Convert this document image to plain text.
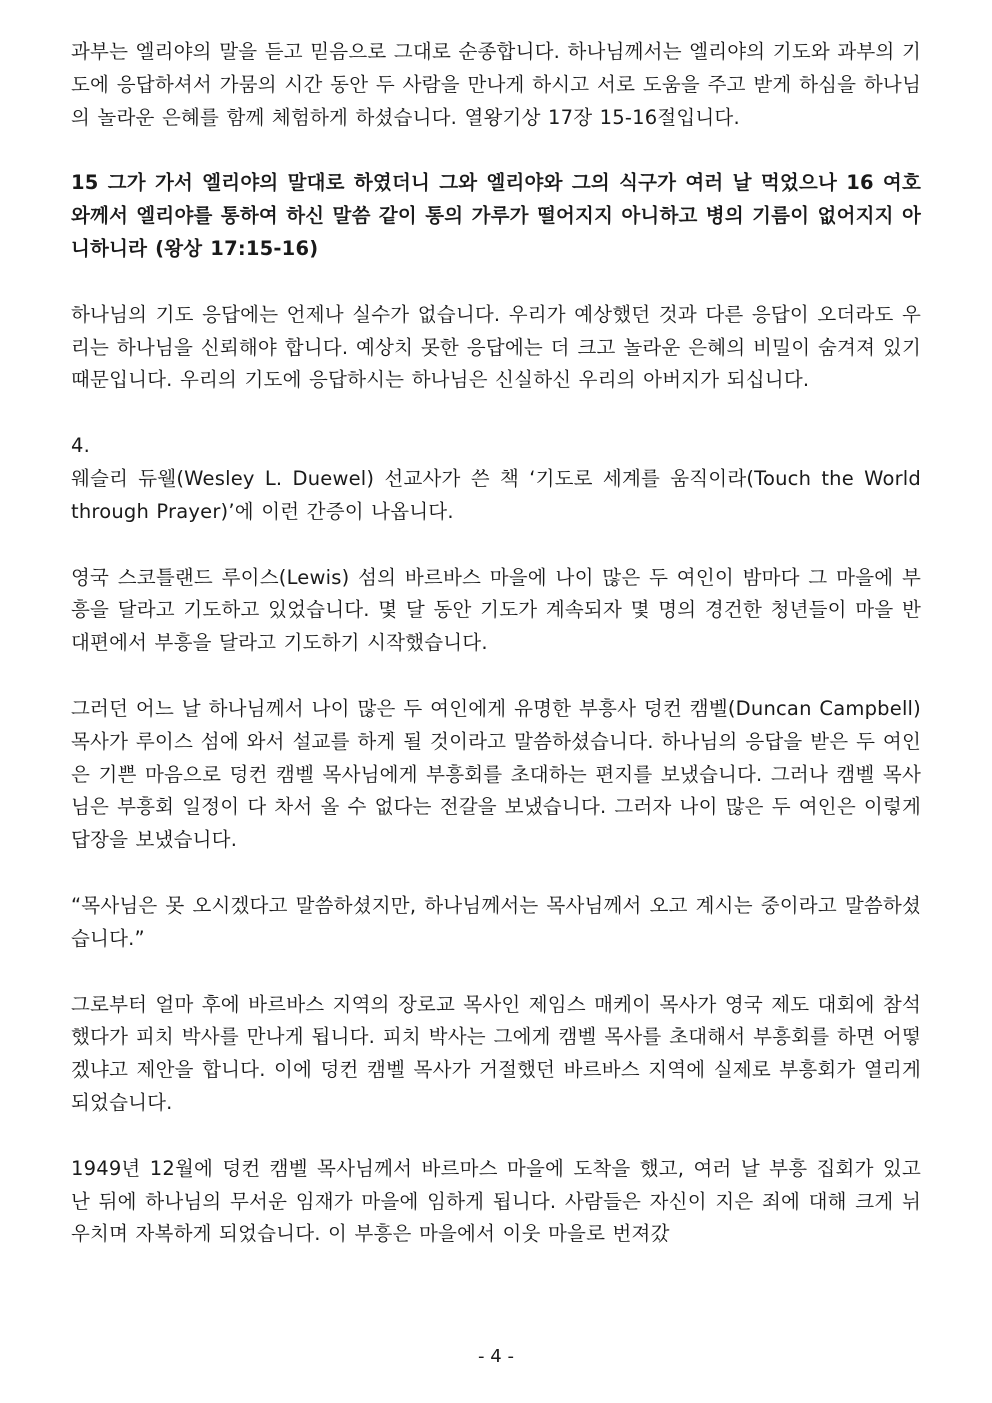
과부는 엘리야의 말을 듣고 믿음으로 그대로 순종합니다. 하나님께서는 엘리야의 기도와 과부의 기도에 응답하셔서 가뭄의 시간 동안 두 사람을 만나게 하시고 서로 도움을 주고 받게 하심을 하나님의 놀라운 은혜를 함께 체험하게 하셨습니다. 열왕기상 17장 15-16절입니다.

15 그가 가서 엘리야의 말대로 하였더니 그와 엘리야와 그의 식구가 여러 날 먹었으나 16 여호와께서 엘리야를 통하여 하신 말씀 같이 통의 가루가 떨어지지 아니하고 병의 기름이 없어지지 아니하니라 (왕상 17:15-16)

하나님의 기도 응답에는 언제나 실수가 없습니다. 우리가 예상했던 것과 다른 응답이 오더라도 우리는 하나님을 신뢰해야 합니다. 예상치 못한 응답에는 더 크고 놀라운 은혜의 비밀이 숨겨져 있기 때문입니다. 우리의 기도에 응답하시는 하나님은 신실하신 우리의 아버지가 되십니다.

4.

웨슬리 듀웰(Wesley L. Duewel) 선교사가 쓴 책 ‘기도로 세계를 움직이라(Touch the World through Prayer)’에 이런 간증이 나옵니다.

영국 스코틀랜드 루이스(Lewis) 섬의 바르바스 마을에 나이 많은 두 여인이 밤마다 그 마을에 부흥을 달라고 기도하고 있었습니다. 몇 달 동안 기도가 계속되자 몇 명의 경건한 청년들이 마을 반대편에서 부흥을 달라고 기도하기 시작했습니다.

그러던 어느 날 하나님께서 나이 많은 두 여인에게 유명한 부흥사 덩컨 캠벨(Duncan Campbell) 목사가 루이스 섬에 와서 설교를 하게 될 것이라고 말씀하셨습니다. 하나님의 응답을 받은 두 여인은 기쁜 마음으로 덩컨 캠벨 목사님에게 부흥회를 초대하는 편지를 보냈습니다. 그러나 캠벨 목사님은 부흥회 일정이 다 차서 올 수 없다는 전갈을 보냈습니다. 그러자 나이 많은 두 여인은 이렇게 답장을 보냈습니다.

“목사님은 못 오시겠다고 말씀하셨지만, 하나님께서는 목사님께서 오고 계시는 중이라고 말씀하셨습니다.”

그로부터 얼마 후에 바르바스 지역의 장로교 목사인 제임스 매케이 목사가 영국 제도 대회에 참석했다가 피치 박사를 만나게 됩니다. 피치 박사는 그에게 캠벨 목사를 초대해서 부흥회를 하면 어떻겠냐고 제안을 합니다. 이에 덩컨 캠벨 목사가 거절했던 바르바스 지역에 실제로 부흥회가 열리게 되었습니다.

1949년 12월에 덩컨 캠벨 목사님께서 바르마스 마을에 도착을 했고, 여러 날 부흥 집회가 있고 난 뒤에 하나님의 무서운 임재가 마을에 임하게 됩니다. 사람들은 자신이 지은 죄에 대해 크게 뉘우치며 자복하게 되었습니다. 이 부흥은 마을에서 이웃 마을로 번져갔

- 4 -
